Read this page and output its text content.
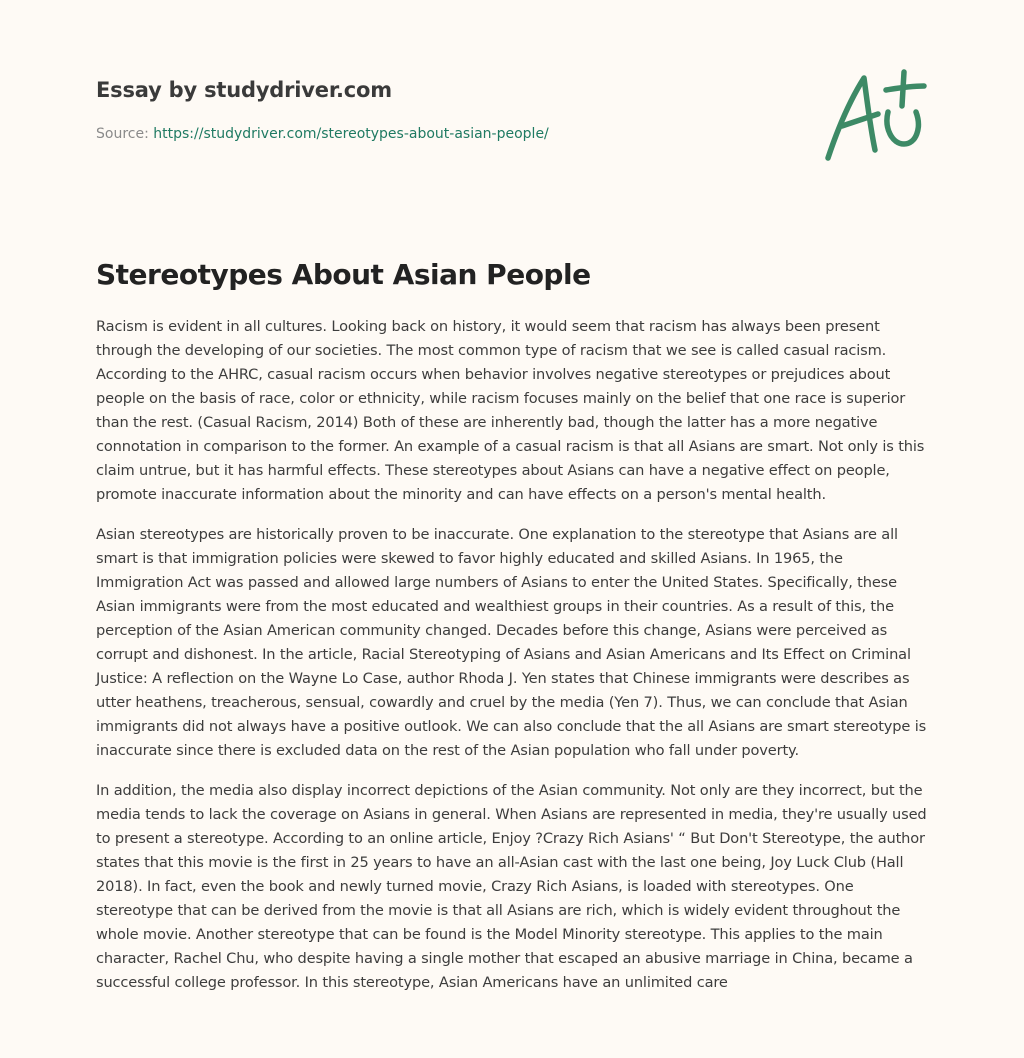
Essay by studydriver.com
Source: https://studydriver.com/stereotypes-about-asian-people/
Stereotypes About Asian People

Racism is evident in all cultures. Looking back on history, it would seem that racism has always been present through the developing of our societies. The most common type of racism that we see is called casual racism. According to the AHRC, casual racism occurs when behavior involves negative stereotypes or prejudices about people on the basis of race, color or ethnicity, while racism focuses mainly on the belief that one race is superior than the rest. (Casual Racism, 2014) Both of these are inherently bad, though the latter has a more negative connotation in comparison to the former. An example of a casual racism is that all Asians are smart. Not only is this claim untrue, but it has harmful effects. These stereotypes about Asians can have a negative effect on people, promote inaccurate information about the minority and can have effects on a person's mental health.

Asian stereotypes are historically proven to be inaccurate. One explanation to the stereotype that Asians are all smart is that immigration policies were skewed to favor highly educated and skilled Asians. In 1965, the Immigration Act was passed and allowed large numbers of Asians to enter the United States. Specifically, these Asian immigrants were from the most educated and wealthiest groups in their countries. As a result of this, the perception of the Asian American community changed. Decades before this change, Asians were perceived as corrupt and dishonest. In the article, Racial Stereotyping of Asians and Asian Americans and Its Effect on Criminal Justice: A reflection on the Wayne Lo Case, author Rhoda J. Yen states that Chinese immigrants were describes as utter heathens, treacherous, sensual, cowardly and cruel by the media (Yen 7). Thus, we can conclude that Asian immigrants did not always have a positive outlook. We can also conclude that the all Asians are smart stereotype is inaccurate since there is excluded data on the rest of the Asian population who fall under poverty.

In addition, the media also display incorrect depictions of the Asian community. Not only are they incorrect, but the media tends to lack the coverage on Asians in general. When Asians are represented in media, they're usually used to present a stereotype. According to an online article, Enjoy ?Crazy Rich Asians' “ But Don't Stereotype, the author states that this movie is the first in 25 years to have an all-Asian cast with the last one being, Joy Luck Club (Hall 2018). In fact, even the book and newly turned movie, Crazy Rich Asians, is loaded with stereotypes. One stereotype that can be derived from the movie is that all Asians are rich, which is widely evident throughout the whole movie. Another stereotype that can be found is the Model Minority stereotype. This applies to the main character, Rachel Chu, who despite having a single mother that escaped an abusive marriage in China, became a successful college professor. In this stereotype, Asian Americans have an unlimited care
